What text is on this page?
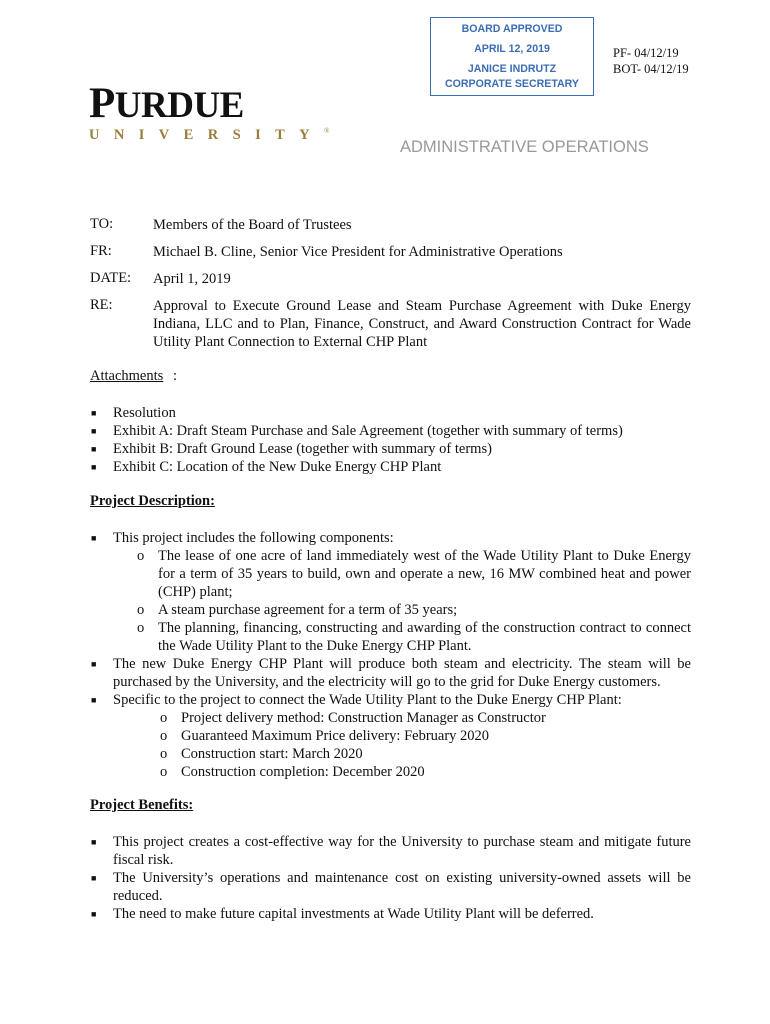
BOARD APPROVED
APRIL 12, 2019
JANICE INDRUTZ
CORPORATE SECRETARY
PF- 04/12/19
BOT- 04/12/19
PURDUE
UNIVERSITY®
ADMINISTRATIVE OPERATIONS
TO:	Members of the Board of Trustees
FR:	Michael B. Cline, Senior Vice President for Administrative Operations
DATE: April 1, 2019
RE:	Approval to Execute Ground Lease and Steam Purchase Agreement with Duke Energy Indiana, LLC and to Plan, Finance, Construct, and Award Construction Contract for Wade Utility Plant Connection to External CHP Plant
Attachments :
■ Resolution
■ Exhibit A: Draft Steam Purchase and Sale Agreement (together with summary of terms)
■ Exhibit B: Draft Ground Lease (together with summary of terms)
■ Exhibit C: Location of the New Duke Energy CHP Plant
Project Description:
■ This project includes the following components:
o The lease of one acre of land immediately west of the Wade Utility Plant to Duke Energy for a term of 35 years to build, own and operate a new, 16 MW combined heat and power (CHP) plant;
o A steam purchase agreement for a term of 35 years;
o The planning, financing, constructing and awarding of the construction contract to connect the Wade Utility Plant to the Duke Energy CHP Plant.
■ The new Duke Energy CHP Plant will produce both steam and electricity. The steam will be purchased by the University, and the electricity will go to the grid for Duke Energy customers.
■ Specific to the project to connect the Wade Utility Plant to the Duke Energy CHP Plant:
o Project delivery method: Construction Manager as Constructor
o Guaranteed Maximum Price delivery: February 2020
o Construction start: March 2020
o Construction completion: December 2020
Project Benefits:
■ This project creates a cost-effective way for the University to purchase steam and mitigate future fiscal risk.
■ The University’s operations and maintenance cost on existing university-owned assets will be reduced.
■ The need to make future capital investments at Wade Utility Plant will be deferred.
